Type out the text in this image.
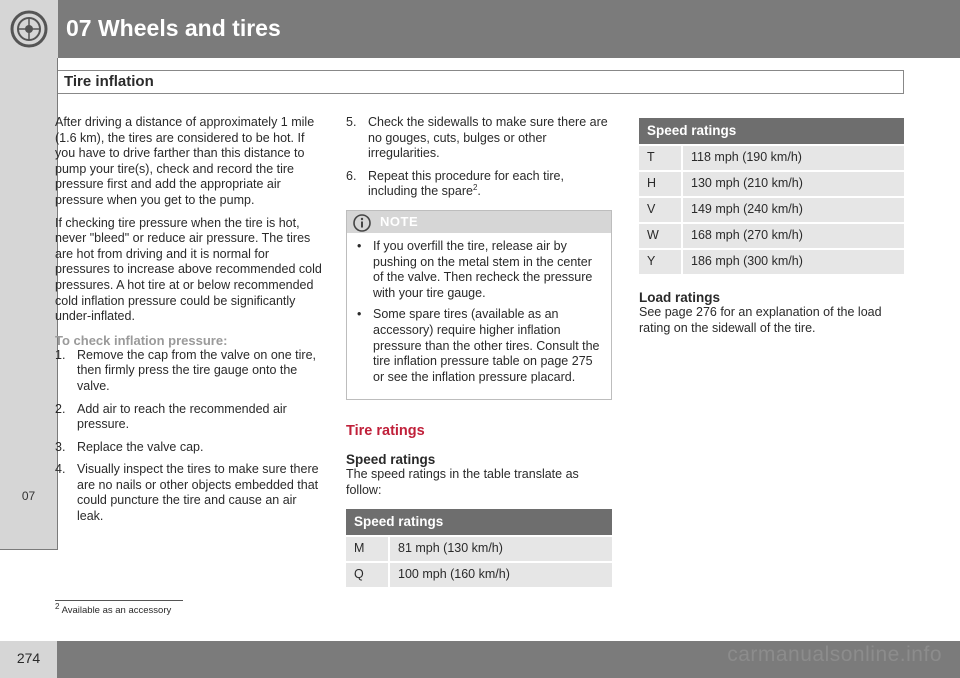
07 Wheels and tires
Tire inflation
07

After driving a distance of approximately 1 mile (1.6 km), the tires are considered to be hot. If you have to drive farther than this distance to pump your tire(s), check and record the tire pressure first and add the appropriate air pressure when you get to the pump.

If checking tire pressure when the tire is hot, never "bleed" or reduce air pressure. The tires are hot from driving and it is normal for pressures to increase above recommended cold pressures. A hot tire at or below recommended cold inflation pressure could be significantly under-inflated.

To check inflation pressure:
1. Remove the cap from the valve on one tire, then firmly press the tire gauge onto the valve.
2. Add air to reach the recommended air pressure.
3. Replace the valve cap.
4. Visually inspect the tires to make sure there are no nails or other objects embedded that could puncture the tire and cause an air leak.
5. Check the sidewalls to make sure there are no gouges, cuts, bulges or other irregularities.
6. Repeat this procedure for each tire, including the spare$^2$.
NOTE
• If you overfill the tire, release air by pushing on the metal stem in the center of the valve. Then recheck the pressure with your tire gauge.
• Some spare tires (available as an accessory) require higher inflation pressure than the other tires. Consult the tire inflation pressure table on page 275 or see the inflation pressure placard.
Tire ratings
Speed ratings

The speed ratings in the table translate as follow:

Speed ratings	
M	81 mph (130 km/h)
Q	100 mph (160 km/h)
Speed ratings	
T	118 mph (190 km/h)
H	130 mph (210 km/h)
V	149 mph (240 km/h)
W	168 mph (270 km/h)
Y	186 mph (300 km/h)
Load ratings

See page 276 for an explanation of the load rating on the sidewall of the tire.

$^2$ Available as an accessory
274	carmanualsonline.info
